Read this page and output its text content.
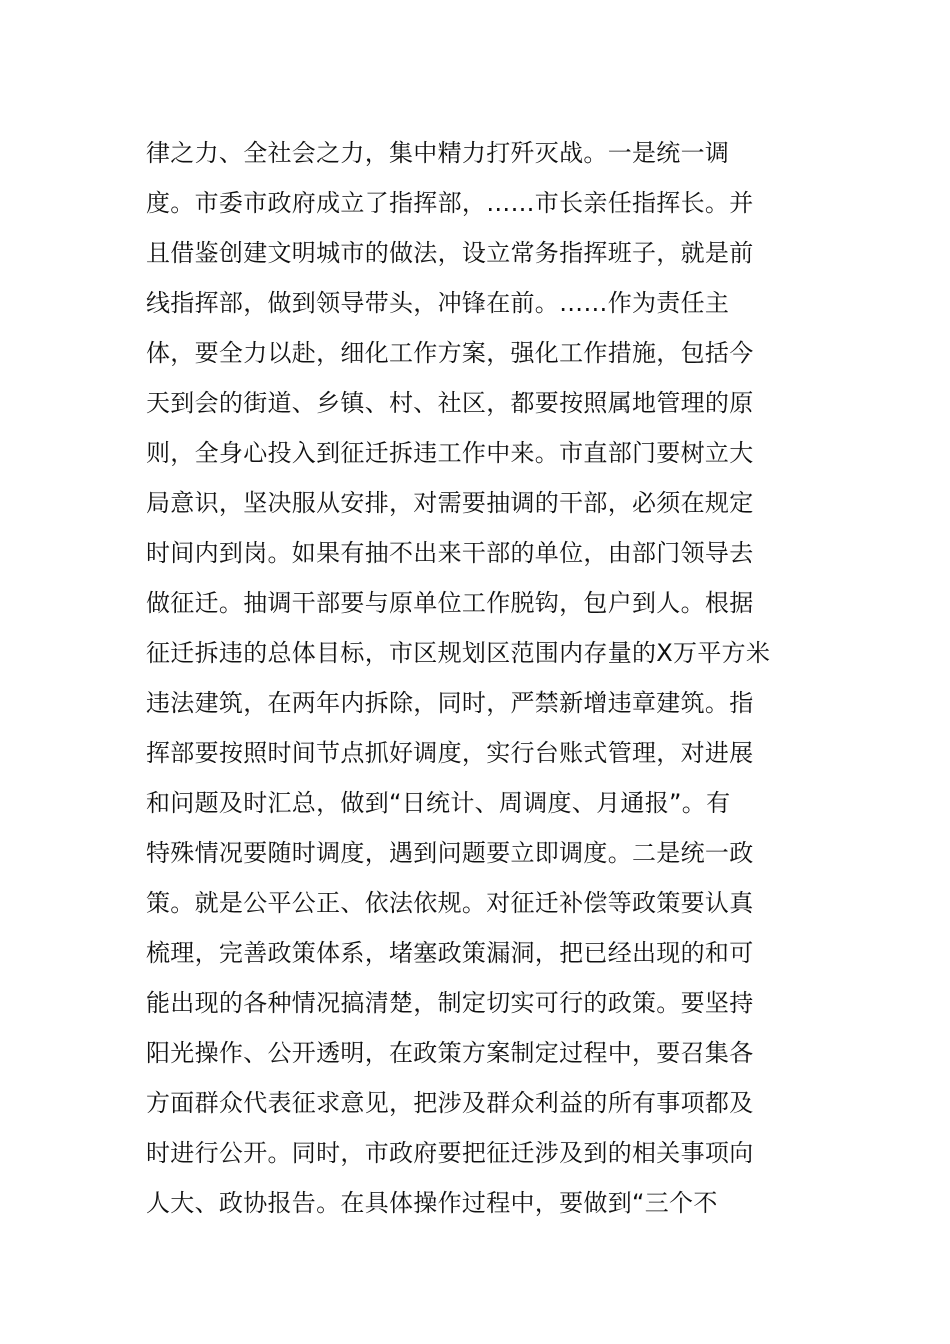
律之力、全社会之力，集中精力打歼灭战。一是统一调
度。市委市政府成立了指挥部，……市长亲任指挥长。并
且借鉴创建文明城市的做法，设立常务指挥班子，就是前
线指挥部，做到领导带头，冲锋在前。……作为责任主
体，要全力以赴，细化工作方案，强化工作措施，包括今
天到会的街道、乡镇、村、社区，都要按照属地管理的原
则，全身心投入到征迁拆违工作中来。市直部门要树立大
局意识，坚决服从安排，对需要抽调的干部，必须在规定
时间内到岗。如果有抽不出来干部的单位，由部门领导去
做征迁。抽调干部要与原单位工作脱钩，包户到人。根据
征迁拆违的总体目标，市区规划区范围内存量的X万平方米
违法建筑，在两年内拆除，同时，严禁新增违章建筑。指
挥部要按照时间节点抓好调度，实行台账式管理，对进展
和问题及时汇总，做到“日统计、周调度、月通报”。有
特殊情况要随时调度，遇到问题要立即调度。二是统一政
策。就是公平公正、依法依规。对征迁补偿等政策要认真
梳理，完善政策体系，堵塞政策漏洞，把已经出现的和可
能出现的各种情况搞清楚，制定切实可行的政策。要坚持
阳光操作、公开透明，在政策方案制定过程中，要召集各
方面群众代表征求意见，把涉及群众利益的所有事项都及
时进行公开。同时，市政府要把征迁涉及到的相关事项向
人大、政协报告。在具体操作过程中，要做到“三个不
